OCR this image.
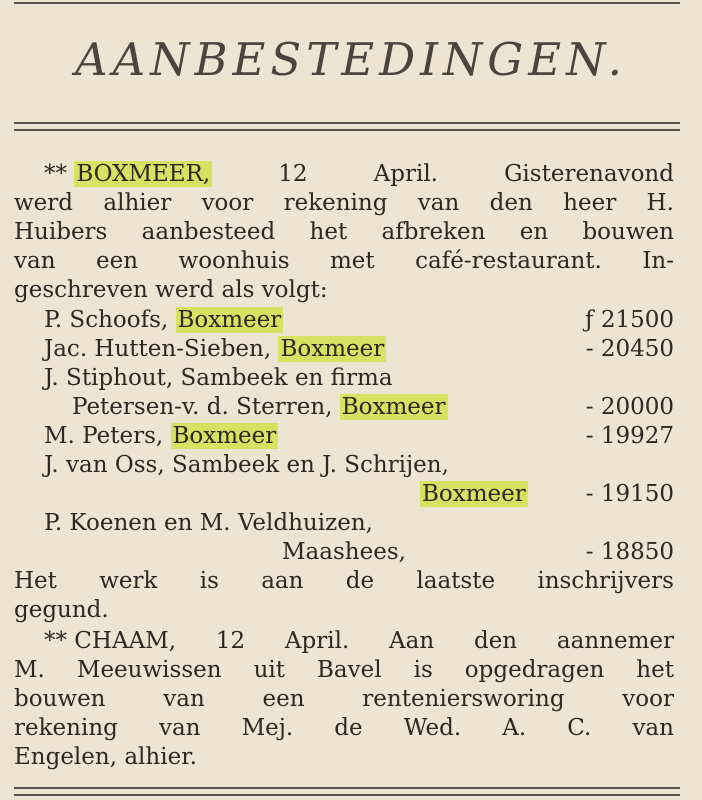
AANBESTEDINGEN.
** BOXMEER,	12	April.	Gisterenavond
werd alhier voor rekening van den heer H.
Huibers aanbesteed het afbreken en bouwen
van een woonhuis met café-restaurant. In-
geschreven werd als volgt:
P. Schoofs, Boxmeer	ƒ 21500
Jac. Hutten-Sieben, Boxmeer	- 20450
J. Stiphout, Sambeek en firma
Petersen-v. d. Sterren, Boxmeer	- 20000
M. Peters, Boxmeer	- 19927
J. van Oss, Sambeek en J. Schrijen,
Boxmeer	- 19150
P. Koenen en M. Veldhuizen,
Maashees,	- 18850
Het werk is aan de laatste inschrijvers
gegund.
** CHAAM, 12 April. Aan den aannemer
M. Meeuwissen uit Bavel is opgedragen het
bouwen	van	een	renteniersworing	voor
rekening van Mej. de Wed. A. C. van
Engelen, alhier.
